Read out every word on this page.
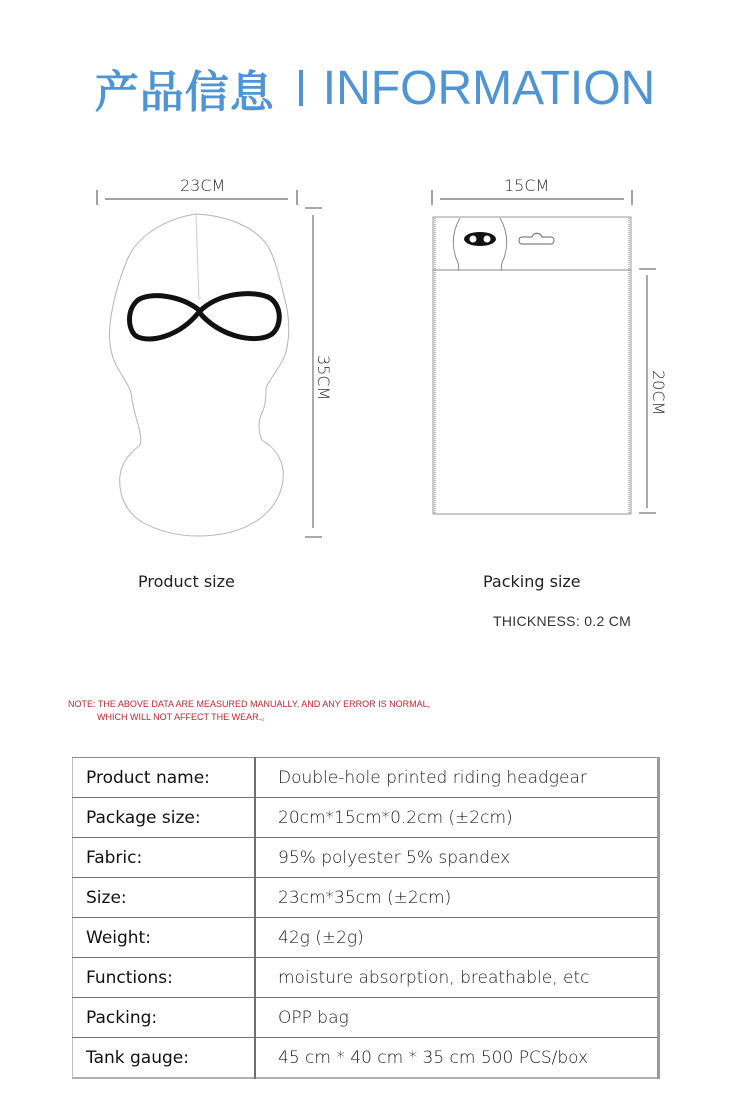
产品信息 INFORMATION
23CM
35CM
15CM
20CM
Product size	Packing size
THICKNESS: 0.2 CM
NOTE: THE ABOVE DATA ARE MEASURED MANUALLY, AND ANY ERROR IS NORMAL,
WHICH WILL NOT AFFECT THE WEAR.。
Product name:	Double-hole printed riding headgear
Package size:	20cm*15cm*0.2cm (±2cm)
Fabric:	95% polyester 5% spandex
Size:	23cm*35cm (±2cm)
Weight:	42g (±2g)
Functions:	moisture absorption, breathable, etc
Packing:	OPP bag
Tank gauge:	45 cm * 40 cm * 35 cm 500 PCS/box
